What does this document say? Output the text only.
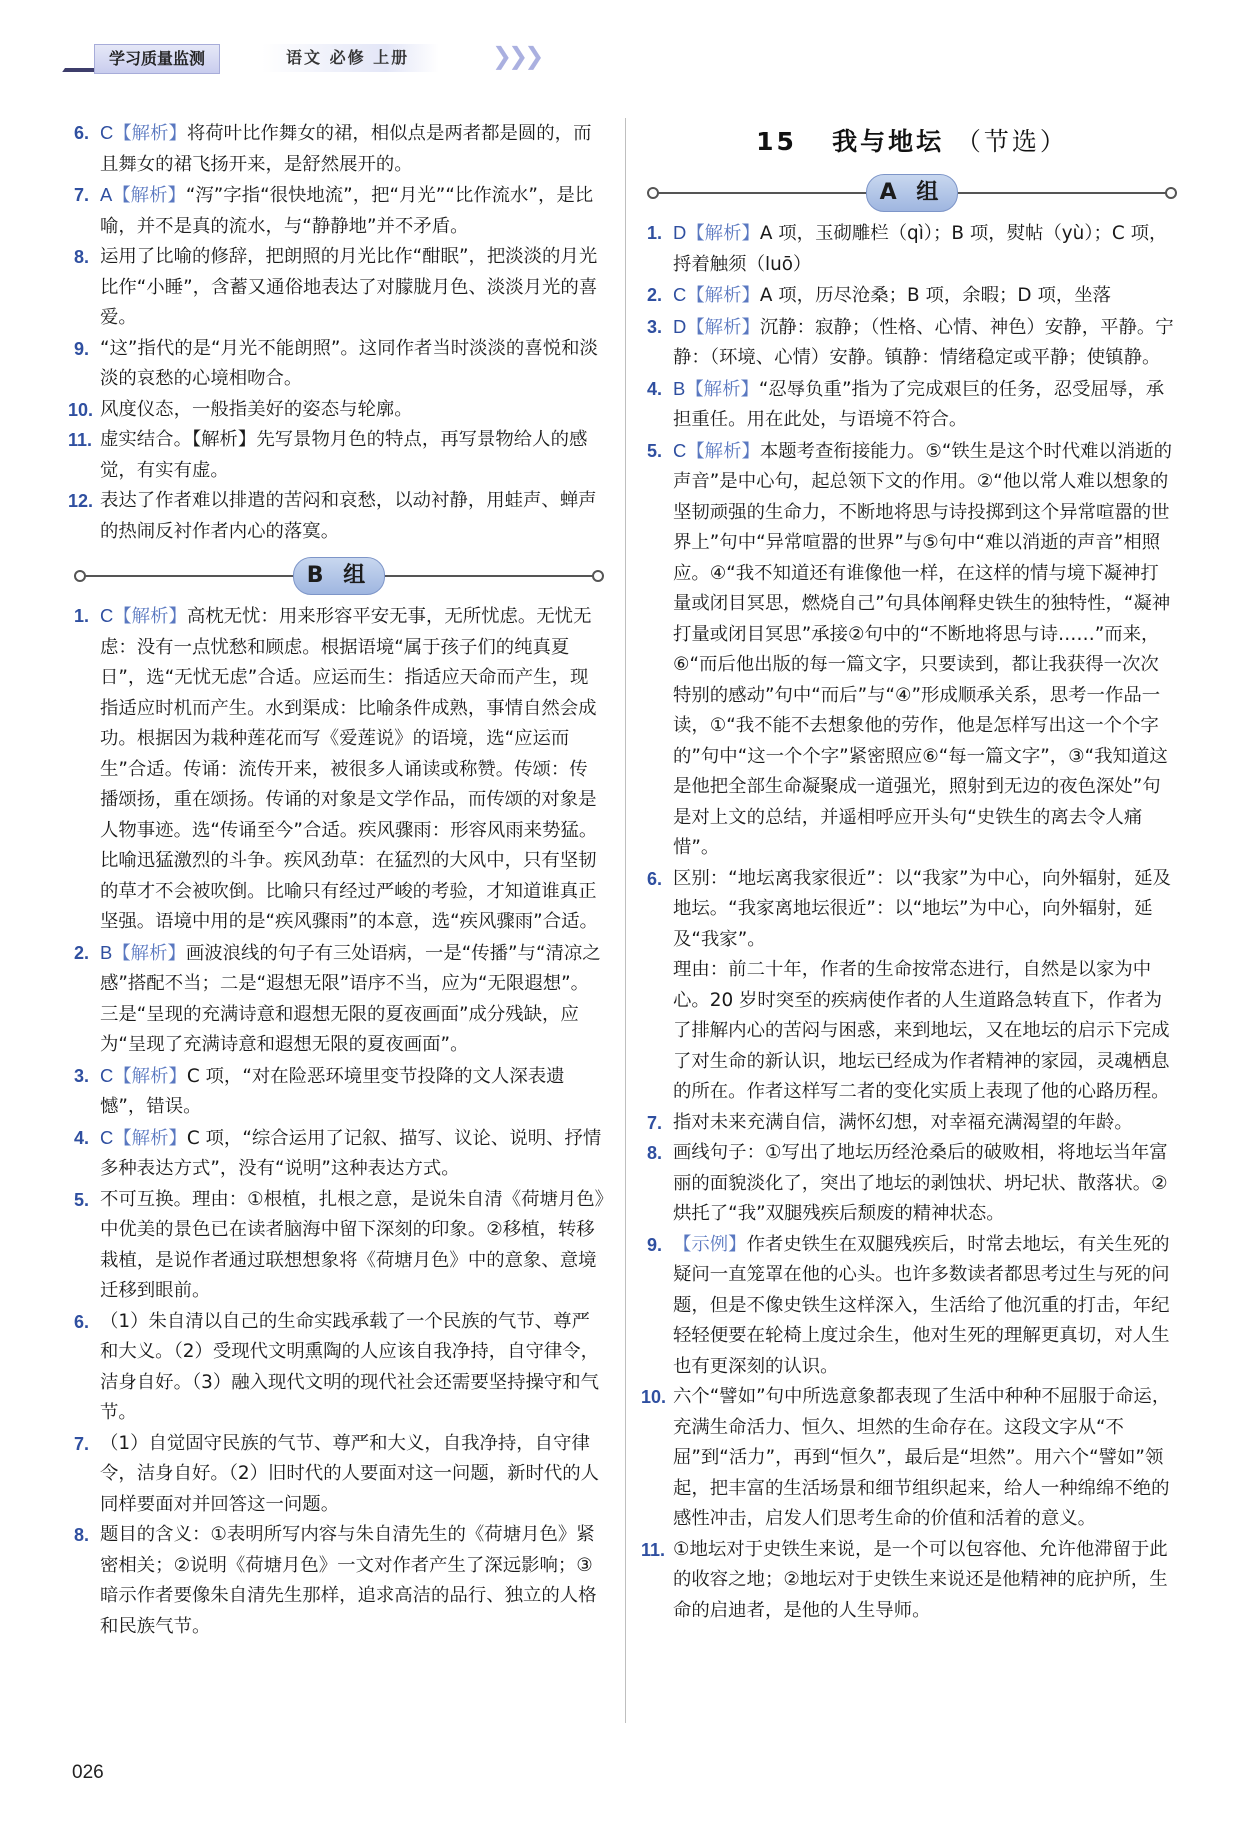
学习质量监测	语文 必修 上册	❯❯❯

6. C【解析】将荷叶比作舞女的裙，相似点是两者都是圆的，而且舞女的裙飞扬开来，是舒然展开的。

7. A【解析】“泻”字指“很快地流”，把“月光”“比作流水”，是比喻，并不是真的流水，与“静静地”并不矛盾。

8. 运用了比喻的修辞，把朗照的月光比作“酣眠”，把淡淡的月光比作“小睡”，含蓄又通俗地表达了对朦胧月色、淡淡月光的喜爱。

9. “这”指代的是“月光不能朗照”。这同作者当时淡淡的喜悦和淡淡的哀愁的心境相吻合。

10. 风度仪态，一般指美好的姿态与轮廓。

11. 虚实结合。【解析】先写景物月色的特点，再写景物给人的感觉，有实有虚。

12. 表达了作者难以排遣的苦闷和哀愁，以动衬静，用蛙声、蝉声的热闹反衬作者内心的落寞。

B 组

1. C【解析】高枕无忧：用来形容平安无事，无所忧虑。无忧无虑：没有一点忧愁和顾虑。根据语境“属于孩子们的纯真夏日”，选“无忧无虑”合适。应运而生：指适应天命而产生，现指适应时机而产生。水到渠成：比喻条件成熟，事情自然会成功。根据因为栽种莲花而写《爱莲说》的语境，选“应运而生”合适。传诵：流传开来，被很多人诵读或称赞。传颂：传播颂扬，重在颂扬。传诵的对象是文学作品，而传颂的对象是人物事迹。选“传诵至今”合适。疾风骤雨：形容风雨来势猛。比喻迅猛激烈的斗争。疾风劲草：在猛烈的大风中，只有坚韧的草才不会被吹倒。比喻只有经过严峻的考验，才知道谁真正坚强。语境中用的是“疾风骤雨”的本意，选“疾风骤雨”合适。

2. B【解析】画波浪线的句子有三处语病，一是“传播”与“清凉之感”搭配不当；二是“遐想无限”语序不当，应为“无限遐想”。三是“呈现的充满诗意和遐想无限的夏夜画面”成分残缺，应为“呈现了充满诗意和遐想无限的夏夜画面”。

3. C【解析】C 项，“对在险恶环境里变节投降的文人深表遗憾”，错误。

4. C【解析】C 项，“综合运用了记叙、描写、议论、说明、抒情多种表达方式”，没有“说明”这种表达方式。

5. 不可互换。理由：①根植，扎根之意，是说朱自清《荷塘月色》中优美的景色已在读者脑海中留下深刻的印象。②移植，转移栽植，是说作者通过联想想象将《荷塘月色》中的意象、意境迁移到眼前。

6. （1）朱自清以自己的生命实践承载了一个民族的气节、尊严和大义。（2）受现代文明熏陶的人应该自我净持，自守律令，洁身自好。（3）融入现代文明的现代社会还需要坚持操守和气节。

7. （1）自觉固守民族的气节、尊严和大义，自我净持，自守律令，洁身自好。（2）旧时代的人要面对这一问题，新时代的人同样要面对并回答这一问题。

8. 题目的含义：①表明所写内容与朱自清先生的《荷塘月色》紧密相关；②说明《荷塘月色》一文对作者产生了深远影响；③暗示作者要像朱自清先生那样，追求高洁的品行、独立的人格和民族气节。

15 我与地坛 （节选）
A 组

1. D【解析】A 项，玉砌雕栏（qì）；B 项，熨帖（yù）；C 项，捋着触须（luō）

2. C【解析】A 项，历尽沧桑；B 项，余暇；D 项，坐落

3. D【解析】沉静：寂静；（性格、心情、神色）安静，平静。宁静：（环境、心情）安静。镇静：情绪稳定或平静；使镇静。

4. B【解析】“忍辱负重”指为了完成艰巨的任务，忍受屈辱，承担重任。用在此处，与语境不符合。

5. C【解析】本题考查衔接能力。⑤“铁生是这个时代难以消逝的声音”是中心句，起总领下文的作用。②“他以常人难以想象的坚韧顽强的生命力，不断地将思与诗投掷到这个异常喧嚣的世界上”句中“异常喧嚣的世界”与⑤句中“难以消逝的声音”相照应。④“我不知道还有谁像他一样，在这样的情与境下凝神打量或闭目冥思，燃烧自己”句具体阐释史铁生的独特性，“凝神打量或闭目冥思”承接②句中的“不断地将思与诗……”而来，⑥“而后他出版的每一篇文字，只要读到，都让我获得一次次特别的感动”句中“而后”与“④”形成顺承关系，思考一作品一读，①“我不能不去想象他的劳作，他是怎样写出这一个个字的”句中“这一个个字”紧密照应⑥“每一篇文字”，③“我知道这是他把全部生命凝聚成一道强光，照射到无边的夜色深处”句是对上文的总结，并遥相呼应开头句“史铁生的离去令人痛惜”。

6. 区别：“地坛离我家很近”：以“我家”为中心，向外辐射，延及地坛。“我家离地坛很近”：以“地坛”为中心，向外辐射，延及“我家”。

理由：前二十年，作者的生命按常态进行，自然是以家为中心。20 岁时突至的疾病使作者的人生道路急转直下，作者为了排解内心的苦闷与困惑，来到地坛，又在地坛的启示下完成了对生命的新认识，地坛已经成为作者精神的家园，灵魂栖息的所在。作者这样写二者的变化实质上表现了他的心路历程。

7. 指对未来充满自信，满怀幻想，对幸福充满渴望的年龄。

8. 画线句子：①写出了地坛历经沧桑后的破败相，将地坛当年富丽的面貌淡化了，突出了地坛的剥蚀状、坍圮状、散落状。②烘托了“我”双腿残疾后颓废的精神状态。

9. 【示例】作者史铁生在双腿残疾后，时常去地坛，有关生死的疑问一直笼罩在他的心头。也许多数读者都思考过生与死的问题，但是不像史铁生这样深入，生活给了他沉重的打击，年纪轻轻便要在轮椅上度过余生，他对生死的理解更真切，对人生也有更深刻的认识。

10. 六个“譬如”句中所选意象都表现了生活中种种不屈服于命运，充满生命活力、恒久、坦然的生命存在。这段文字从“不屈”到“活力”，再到“恒久”，最后是“坦然”。用六个“譬如”领起，把丰富的生活场景和细节组织起来，给人一种绵绵不绝的感性冲击，启发人们思考生命的价值和活着的意义。

11. ①地坛对于史铁生来说，是一个可以包容他、允许他滞留于此的收容之地；②地坛对于史铁生来说还是他精神的庇护所，生命的启迪者，是他的人生导师。

026
